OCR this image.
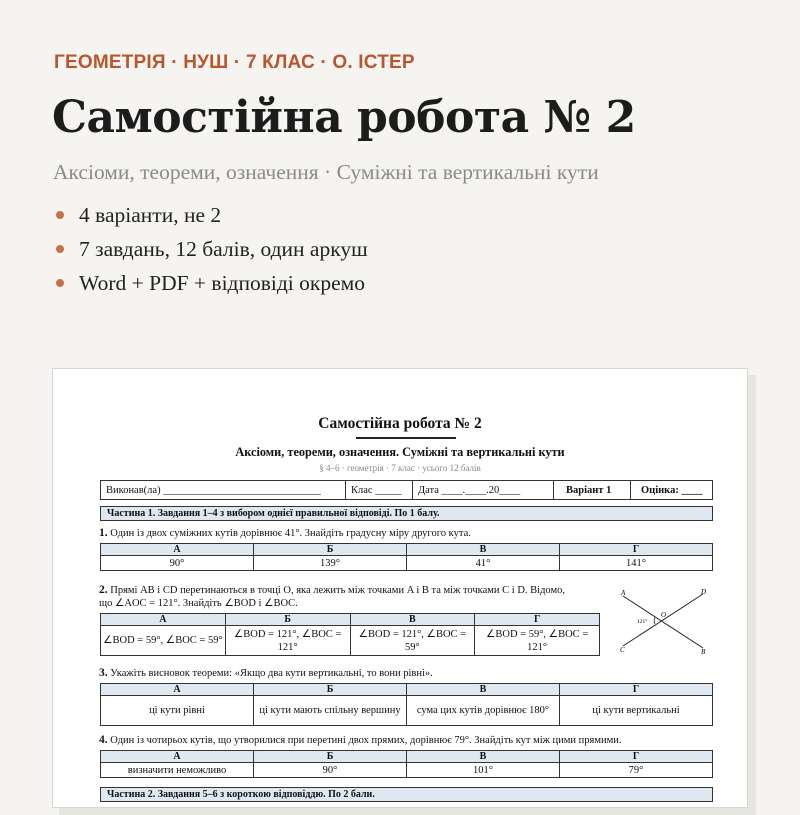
ГЕОМЕТРІЯ · НУШ · 7 КЛАС · О. ІСТЕР
Самостійна робота № 2
Аксіоми, теореми, означення · Суміжні та вертикальні кути
4 варіанти, не 2
7 завдань, 12 балів, один аркуш
Word + PDF + відповіді окремо
Самостійна робота № 2
Аксіоми, теореми, означення. Суміжні та вертикальні кути
§ 4–6 · геометрія · 7 клас · усього 12 балів
Виконав(ла) ______________________________	Клас _____	Дата ____.____.20____	Варіант 1	Оцінка: ____
Частина 1. Завдання 1–4 з вибором однієї правильної відповіді. По 1 балу.
1. Один із двох суміжних кутів дорівнює 41°. Знайдіть градусну міру другого кута.
А	Б	В	Г
90°	139°	41°	141°
2. Прямі AB і CD перетинаються в точці O, яка лежить між точками A і B та між точками C і D. Відомо,
що ∠AOC = 121°. Знайдіть ∠BOD і ∠BOC.
А	Б	В	Г
∠BOD = 59°, ∠BOC = 59°	∠BOD = 121°, ∠BOC = 121°	∠BOD = 121°, ∠BOC = 59°	∠BOD = 59°, ∠BOC = 121°
A	D
C	B
O
121°
3. Укажіть висновок теореми: «Якщо два кути вертикальні, то вони рівні».
А	Б	В	Г
ці кути рівні	ці кути мають спільну вершину	сума цих кутів дорівнює 180°	ці кути вертикальні
4. Один із чотирьох кутів, що утворилися при перетині двох прямих, дорівнює 79°. Знайдіть кут між цими прямими.
А	Б	В	Г
визначити неможливо	90°	101°	79°
Частина 2. Завдання 5–6 з короткою відповіддю. По 2 бали.
